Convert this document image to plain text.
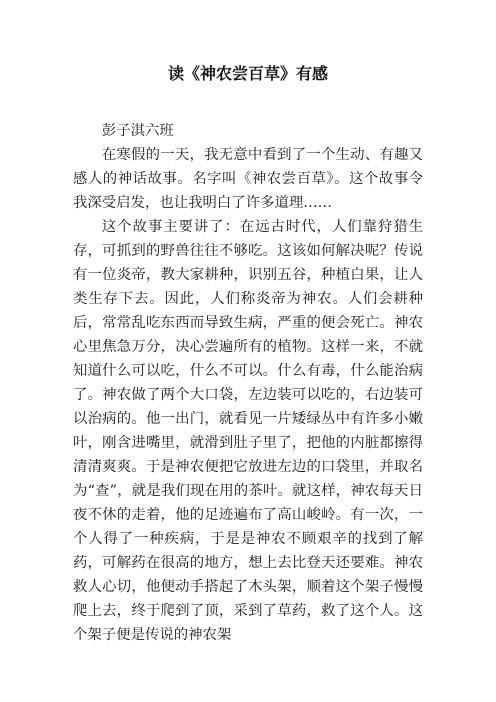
读《神农尝百草》有感

彭子淇六班

在寒假的一天，我无意中看到了一个生动、有趣又感人的神话故事。名字叫《神农尝百草》。这个故事令我深受启发，也让我明白了许多道理……

这个故事主要讲了：在远古时代，人们靠狩猎生存，可抓到的野兽往往不够吃。这该如何解决呢？传说有一位炎帝，教大家耕种，识别五谷，种植白果，让人类生存下去。因此，人们称炎帝为神农。人们会耕种后，常常乱吃东西而导致生病，严重的便会死亡。神农心里焦急万分，决心尝遍所有的植物。这样一来，不就知道什么可以吃，什么不可以。什么有毒，什么能治病了。神农做了两个大口袋，左边装可以吃的，右边装可以治病的。他一出门，就看见一片矮绿丛中有许多小嫩叶，刚含进嘴里，就滑到肚子里了，把他的内脏都擦得清清爽爽。于是神农便把它放进左边的口袋里，并取名为“查”，就是我们现在用的茶叶。就这样，神农每天日夜不休的走着，他的足迹遍布了高山峻岭。有一次，一个人得了一种疾病，于是是神农不顾艰辛的找到了解药，可解药在很高的地方，想上去比登天还要难。神农救人心切，他便动手搭起了木头架，顺着这个架子慢慢爬上去，终于爬到了顶，采到了草药，救了这个人。这个架子便是传说的神农架
